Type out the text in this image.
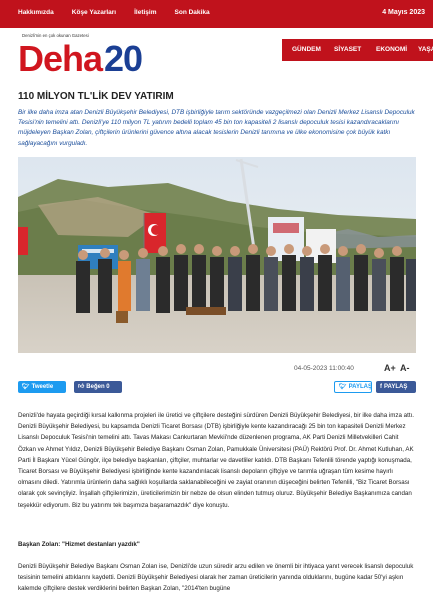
Hakkımızda	Köşe Yazarları	İletişim	Son Dakika	4 Mayıs 2023
Denizli'nin en çok okunan Gazetesi
Deha 20	GÜNDEM SİYASET EKONOMİ YAŞA
110 MİLYON TL'LİK DEV YATIRIM

Bir ilke daha imza atan Denizli Büyükşehir Belediyesi, DTB işbirliğiyle tarım sektöründe vazgeçilmezi olan Denizli Merkez Lisanslı Depoculuk Tesisi'nin temelini attı. Denizli'ye 110 milyon TL yatırım bedelli toplam 45 bin ton kapasiteli 2 lisanslı depoculuk tesisi kazandıracaklarını müjdeleyen Başkan Zolan, çiftçilerin ürünlerini güvence altına alacak tesislerin Denizli tarımına ve ülke ekonomisine çok büyük katkı sağlayacağını vurguladı.

04-05-2023 11:00:40	A+ A-
🐦︎ Tweetle	👍︎ Beğen 0	🐦︎ PAYLAŞ f PAYLAŞ

Denizli'de hayata geçirdiği kırsal kalkınma projeleri ile üretici ve çiftçilere desteğini sürdüren Denizli Büyükşehir Belediyesi, bir ilke daha imza attı. Denizli Büyükşehir Belediyesi, bu kapsamda Denizli Ticaret Borsası (DTB) işbirliğiyle kente kazandıracağı 25 bin ton kapasiteli Denizli Merkez Lisanslı Depoculuk Tesisi'nin temelini attı. Tavas Makası Cankurtaran Mevkii'nde düzenlenen programa, AK Parti Denizli Milletvekilleri Cahit Özkan ve Ahmet Yıldız, Denizli Büyükşehir Belediye Başkanı Osman Zolan, Pamukkale Üniversitesi (PAÜ) Rektörü Prof. Dr. Ahmet Kutluhan, AK Parti İl Başkanı Yücel Güngör, ilçe belediye başkanları, çiftçiler, muhtarlar ve davetliler katıldı. DTB Başkanı Tefenlili törende yaptığı konuşmada, Ticaret Borsası ve Büyükşehir Belediyesi işbirliğinde kente kazandırılacak lisanslı depoların çiftçiye ve tarımla uğraşan tüm kesime hayırlı olmasını diledi. Yatırımla ürünlerin daha sağlıklı koşullarda saklanabileceğini ve zayiat oranının düşeceğini belirten Tefenlili, "Biz Ticaret Borsası olarak çok sevinçliyiz. İnşallah çiftçilerimizin, üreticilerimizin bir nebze de olsun elinden tutmuş oluruz. Büyükşehir Belediye Başkanımıza candan teşekkür ediyorum. Biz bu yatırımı tek başımıza başaramazdık" diye konuştu.

Başkan Zolan: "Hizmet destanları yazdık"

Denizli Büyükşehir Belediye Başkanı Osman Zolan ise, Denizli'de uzun süredir arzu edilen ve önemli bir ihtiyaca yanıt verecek lisanslı depoculuk tesisinin temelini attıklarını kaydetti. Denizli Büyükşehir Belediyesi olarak her zaman üreticilerin yanında olduklarını, bugüne kadar 50'yi aşkın kalemde çiftçilere destek verdiklerini belirten Başkan Zolan, "2014'ten bugüne
